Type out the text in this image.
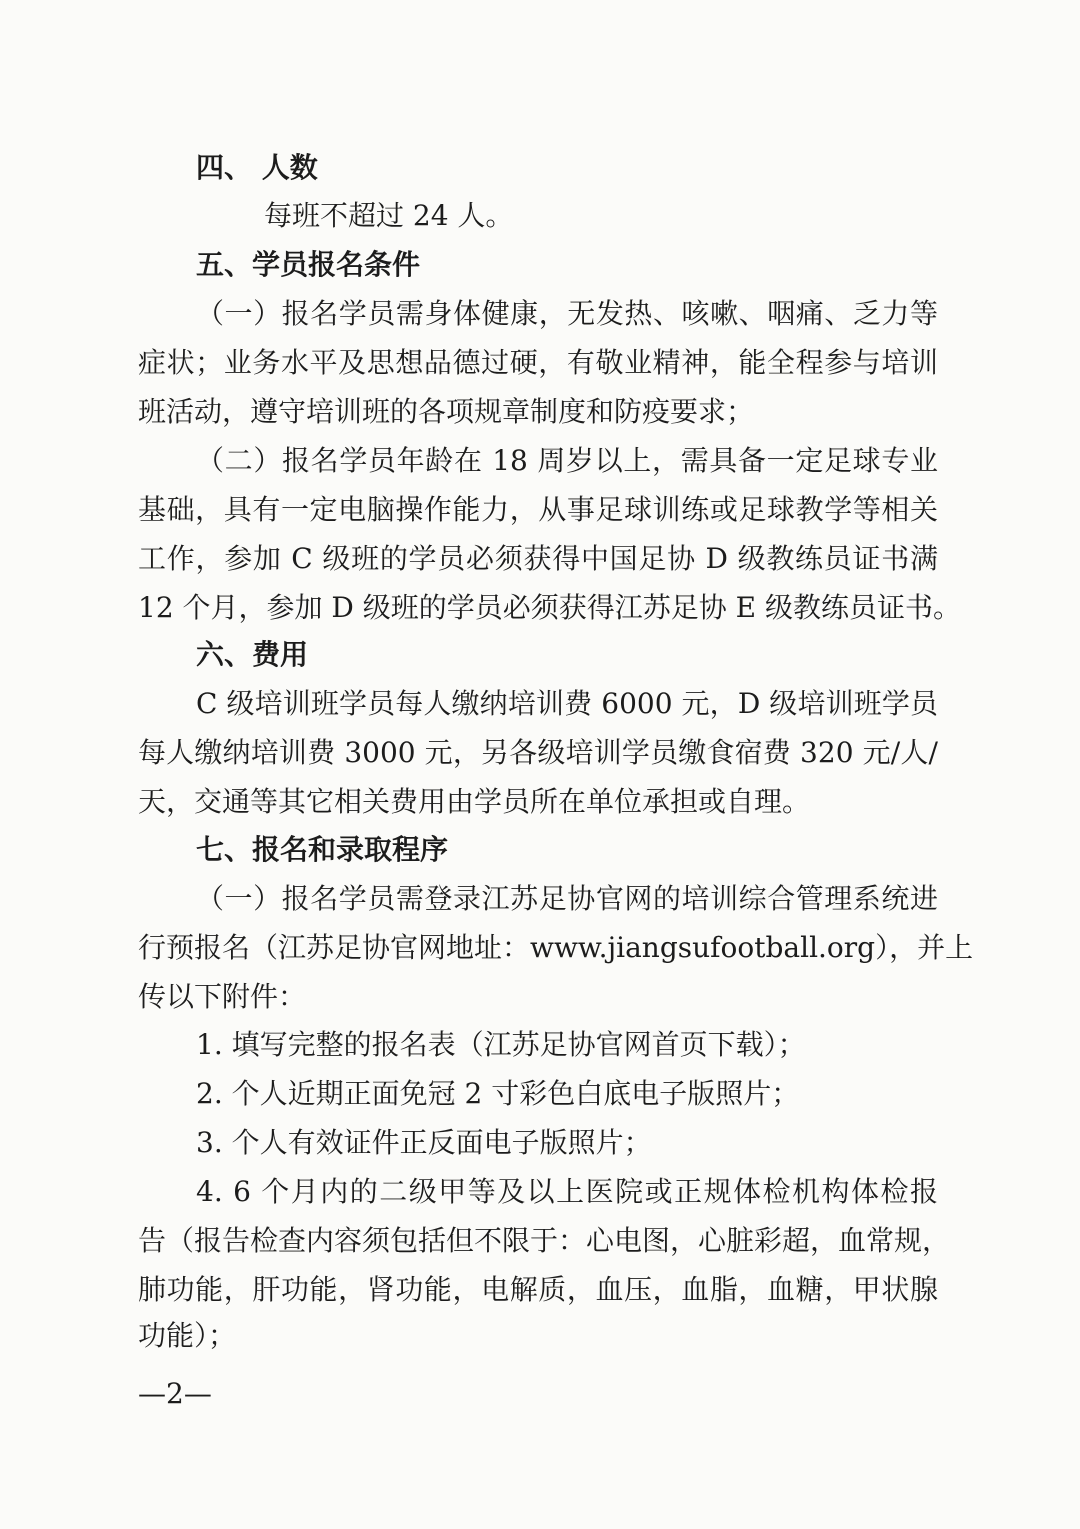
四、 人数

每班不超过 24 人。

五、学员报名条件

（一）报名学员需身体健康，无发热、咳嗽、咽痛、乏力等

症状；业务水平及思想品德过硬，有敬业精神，能全程参与培训

班活动，遵守培训班的各项规章制度和防疫要求；

（二）报名学员年龄在 18 周岁以上，需具备一定足球专业

基础，具有一定电脑操作能力，从事足球训练或足球教学等相关

工作，参加 C 级班的学员必须获得中国足协 D 级教练员证书满

12 个月，参加 D 级班的学员必须获得江苏足协 E 级教练员证书。

六、费用

C 级培训班学员每人缴纳培训费 6000 元，D 级培训班学员

每人缴纳培训费 3000 元，另各级培训学员缴食宿费 320 元/人/

天，交通等其它相关费用由学员所在单位承担或自理。

七、报名和录取程序

（一）报名学员需登录江苏足协官网的培训综合管理系统进

行预报名（江苏足协官网地址：www.jiangsufootball.org），并上

传以下附件：

1. 填写完整的报名表（江苏足协官网首页下载）；

2. 个人近期正面免冠 2 寸彩色白底电子版照片；

3. 个人有效证件正反面电子版照片；

4. 6 个月内的二级甲等及以上医院或正规体检机构体检报

告（报告检查内容须包括但不限于：心电图，心脏彩超，血常规，

肺功能，肝功能，肾功能，电解质，血压，血脂，血糖，甲状腺

功能）；

—2—
